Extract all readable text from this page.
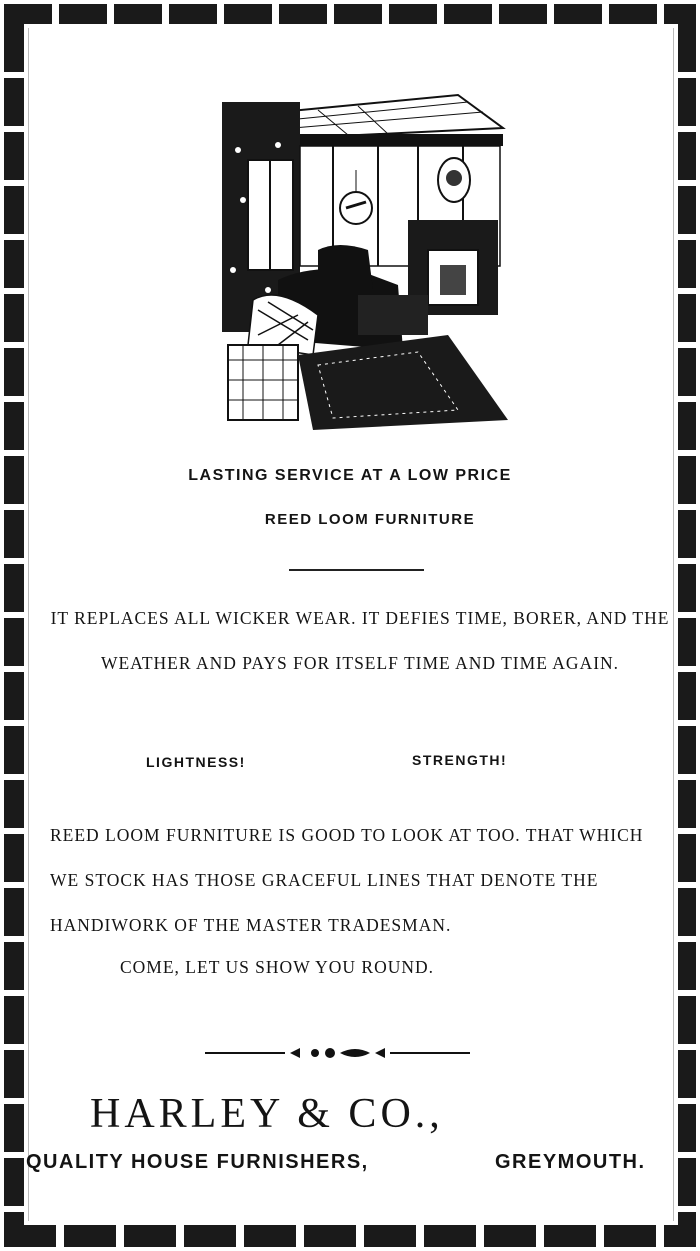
LASTING SERVICE AT A LOW PRICE
REED LOOM FURNITURE
IT REPLACES ALL WICKER WEAR. IT DEFIES TIME, BORER, AND THE WEATHER AND PAYS FOR ITSELF TIME AND TIME AGAIN.
LIGHTNESS!	STRENGTH!
REED LOOM FURNITURE IS GOOD TO LOOK AT TOO. THAT WHICH WE STOCK HAS THOSE GRACEFUL LINES THAT DENOTE THE HANDIWORK OF THE MASTER TRADESMAN.
COME, LET US SHOW YOU ROUND.
HARLEY & CO.,
QUALITY HOUSE FURNISHERS,	GREYMOUTH.
